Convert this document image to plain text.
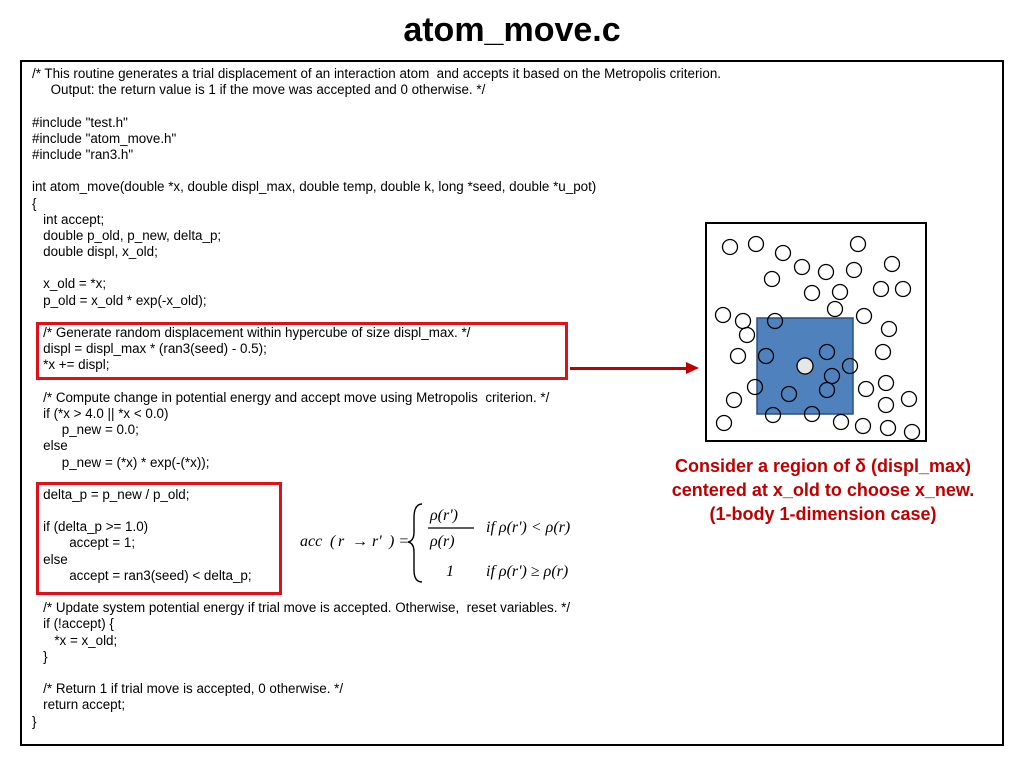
atom_move.c
/* This routine generates a trial displacement of an interaction atom  and accepts it based on the Metropolis criterion.
Output: the return value is 1 if the move was accepted and 0 otherwise. */
#include "test.h"
#include "atom_move.h"
#include "ran3.h"
int atom_move(double *x, double displ_max, double temp, double k, long *seed, double *u_pot)
{
int accept;
double p_old, p_new, delta_p;
double displ, x_old;
x_old = *x;
p_old = x_old * exp(-x_old);
/* Generate random displacement within hypercube of size displ_max. */
displ = displ_max * (ran3(seed) - 0.5);
*x += displ;
/* Compute change in potential energy and accept move using Metropolis  criterion. */
if (*x > 4.0 || *x < 0.0)
p_new = 0.0;
else
p_new = (*x) * exp(-(*x));
delta_p = p_new / p_old;
if (delta_p >= 1.0)
accept = 1;
else
accept = ran3(seed) < delta_p;
/* Update system potential energy if trial move is accepted. Otherwise,  reset variables. */
if (!accept) {
*x = x_old;
}
/* Return 1 if trial move is accepted, 0 otherwise. */
return accept;
}
Consider a region of δ (displ_max)
centered at x_old to choose x_new.
(1-body 1-dimension case)
acc ( r → r' ) =
ρ(r')
ρ(r)
if ρ(r') < ρ(r)
1 if ρ(r') ≥ ρ(r)
